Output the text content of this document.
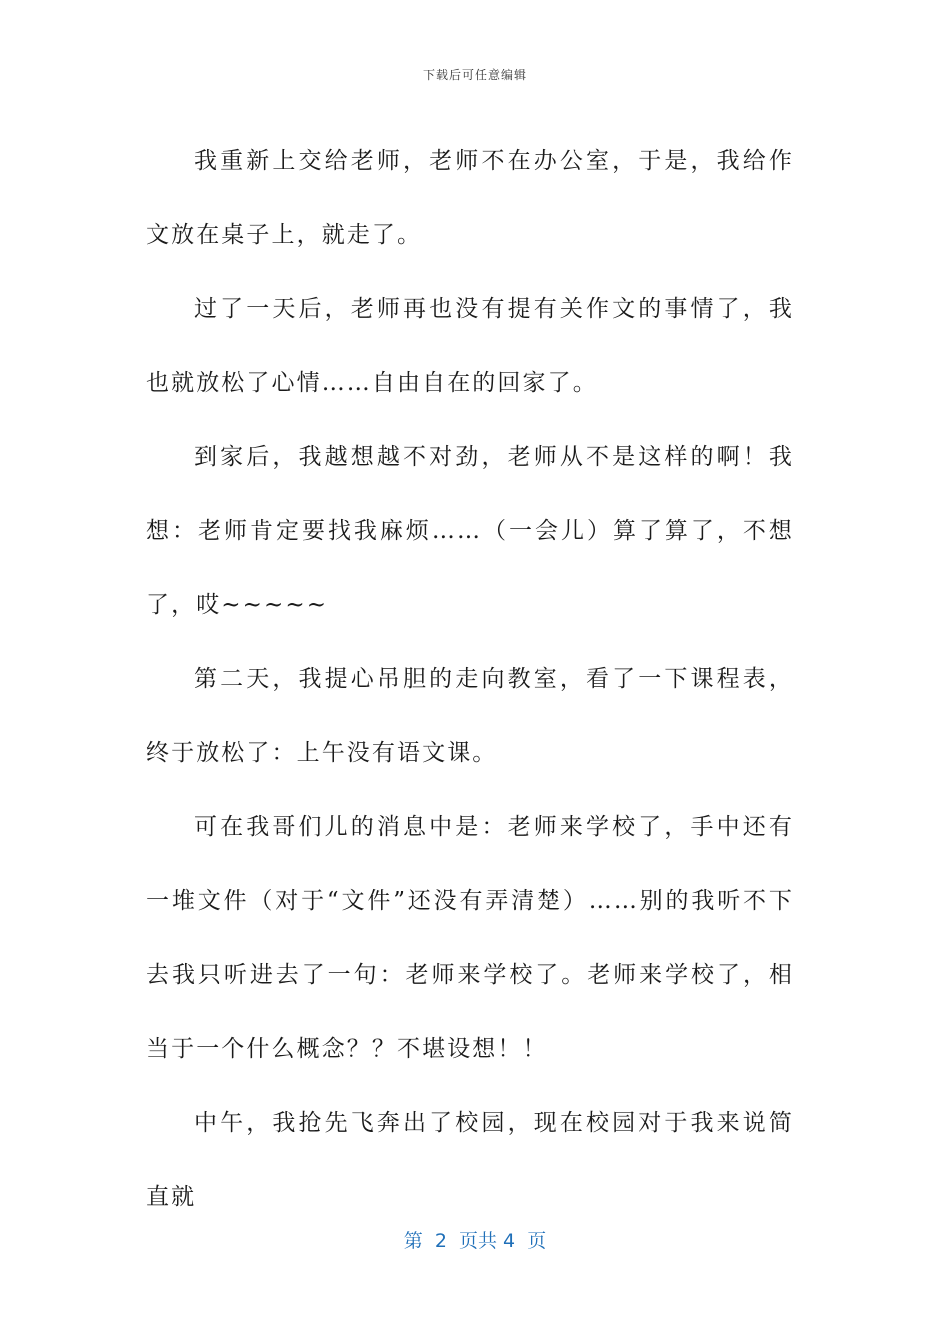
下载后可任意编辑

我重新上交给老师，老师不在办公室，于是，我给作文放在桌子上，就走了。

过了一天后，老师再也没有提有关作文的事情了，我也就放松了心情……自由自在的回家了。

到家后，我越想越不对劲，老师从不是这样的啊！我想：老师肯定要找我麻烦……（一会儿）算了算了，不想了，哎~~~~~

第二天，我提心吊胆的走向教室，看了一下课程表，终于放松了：上午没有语文课。

可在我哥们儿的消息中是：老师来学校了，手中还有一堆文件（对于“文件”还没有弄清楚）……别的我听不下去我只听进去了一句：老师来学校了。老师来学校了，相当于一个什么概念？？不堪设想！！

中午，我抢先飞奔出了校园，现在校园对于我来说简直就

第  2  页共 4  页
